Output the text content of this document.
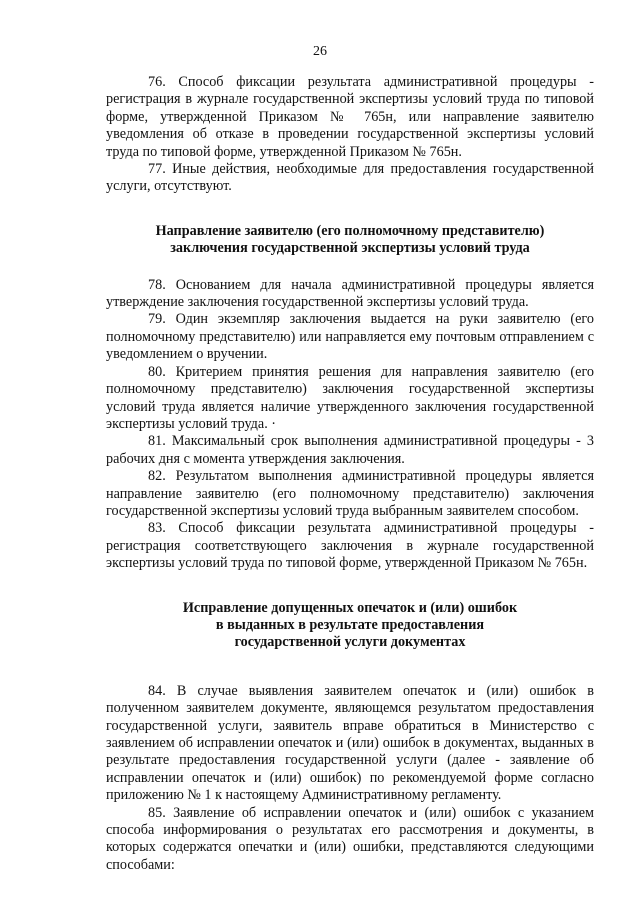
26

76. Способ фиксации результата административной процедуры - регистрация в журнале государственной экспертизы условий труда по типовой форме, утвержденной Приказом № 765н, или направление заявителю уведомления об отказе в проведении государственной экспертизы условий труда по типовой форме, утвержденной Приказом № 765н.

77. Иные действия, необходимые для предоставления государственной услуги, отсутствуют.

Направление заявителю (его полномочному представителю)
заключения государственной экспертизы условий труда

78. Основанием для начала административной процедуры является утверждение заключения государственной экспертизы условий труда.

79. Один экземпляр заключения выдается на руки заявителю (его полномочному представителю) или направляется ему почтовым отправлением с уведомлением о вручении.

80. Критерием принятия решения для направления заявителю (его полномочному представителю) заключения государственной экспертизы условий труда является наличие утвержденного заключения государственной экспертизы условий труда. ·

81. Максимальный срок выполнения административной процедуры - 3 рабочих дня с момента утверждения заключения.

82. Результатом выполнения административной процедуры является направление заявителю (его полномочному представителю) заключения государственной экспертизы условий труда выбранным заявителем способом.

83. Способ фиксации результата административной процедуры - регистрация соответствующего заключения в журнале государственной экспертизы условий труда по типовой форме, утвержденной Приказом № 765н.

Исправление допущенных опечаток и (или) ошибок
в выданных в результате предоставления
государственной услуги документах

84. В случае выявления заявителем опечаток и (или) ошибок в полученном заявителем документе, являющемся результатом предоставления государственной услуги, заявитель вправе обратиться в Министерство с заявлением об исправлении опечаток и (или) ошибок в документах, выданных в результате предоставления государственной услуги (далее - заявление об исправлении опечаток и (или) ошибок) по рекомендуемой форме согласно приложению № 1 к настоящему Административному регламенту.

85. Заявление об исправлении опечаток и (или) ошибок с указанием способа информирования о результатах его рассмотрения и документы, в которых содержатся опечатки и (или) ошибки, представляются следующими способами:
